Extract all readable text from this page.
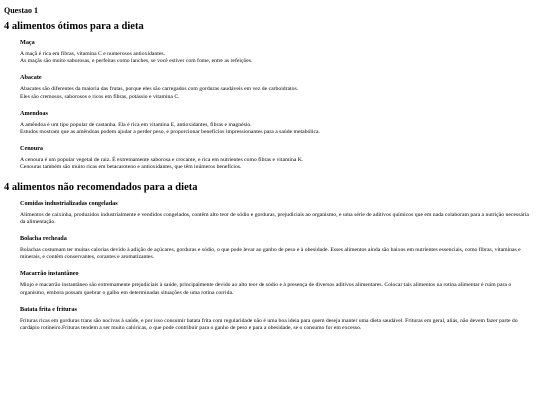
Questao 1
4 alimentos ótimos para a dieta
Maça
A maçã é rica em fibras, vitamina C e numerosos antioxidantes.
As maçãs são muito saborosas, e perfeitas como lanches, se você estiver com fome, entre as refeições.
Abacate
Abacates são diferentes da maioria das frutas, porque eles são carregados com gorduras saudáveis em vez de carboidratos.
Eles são cremosos, saborosos e ricos em fibras, potássio e vitamina C.
Amendoas
A amêndoa é um tipo popular de castanha. Ela é rica em vitamina E, antioxidantes, fibras e magnésio.
Estudos mostram que as amêndoas podem ajudar a perder peso, e proporcionar benefícios impressionantes para a saúde metabólica.
Cenoura
A cenoura é um popular vegetal de raiz. É extremamente saborosa e crocante, e rica em nutrientes como fibras e vitamina K.
Cenouras também são muito ricas em betacaroteno e antioxidantes, que têm inúmeros benefícios.
4 alimentos não recomendados para a dieta
Comidas industrializadas congeladas
Alimentos de caixinha, produzidos industrialmente e vendidos congelados, contêm alto teor de sódio e gorduras, prejudiciais ao organismo, e uma série de aditivos químicos que em nada colaboram para a nutrição necessária da alimentação.
Bolacha recheada
Bolachas costumam ter muitas calorias devido à adição de açúcares, gorduras e sódio, o que pode levar ao ganho de peso e à obesidade. Esses alimentos ainda são baixos em nutrientes essenciais, como fibras, vitaminas e minerais, e contêm conservantes, corantes e aromatizantes.
Macarrão instantâneo
Miojo e macarrão instantâneo são extremamente prejudiciais à saúde, principalmente devido ao alto teor de sódio e à presença de diversos aditivos alimentares. Colocar tais alimentos na rotina alimentar é ruim para o organismo, embora possam quebrar o galho em determinadas situações de uma rotina corrida.
Batata frita e frituras
Frituras ricas em gorduras trans são nocivas à saúde, e por isso consumir batata frita com regularidade não é uma boa ideia para quem deseja manter uma dieta saudável. Frituras em geral, aliás, não devem fazer parte do cardápio rotineiro.Frituras tendem a ser muito calóricas, o que pode contribuir para o ganho de peso e para a obesidade, se o consumo for em excesso.
